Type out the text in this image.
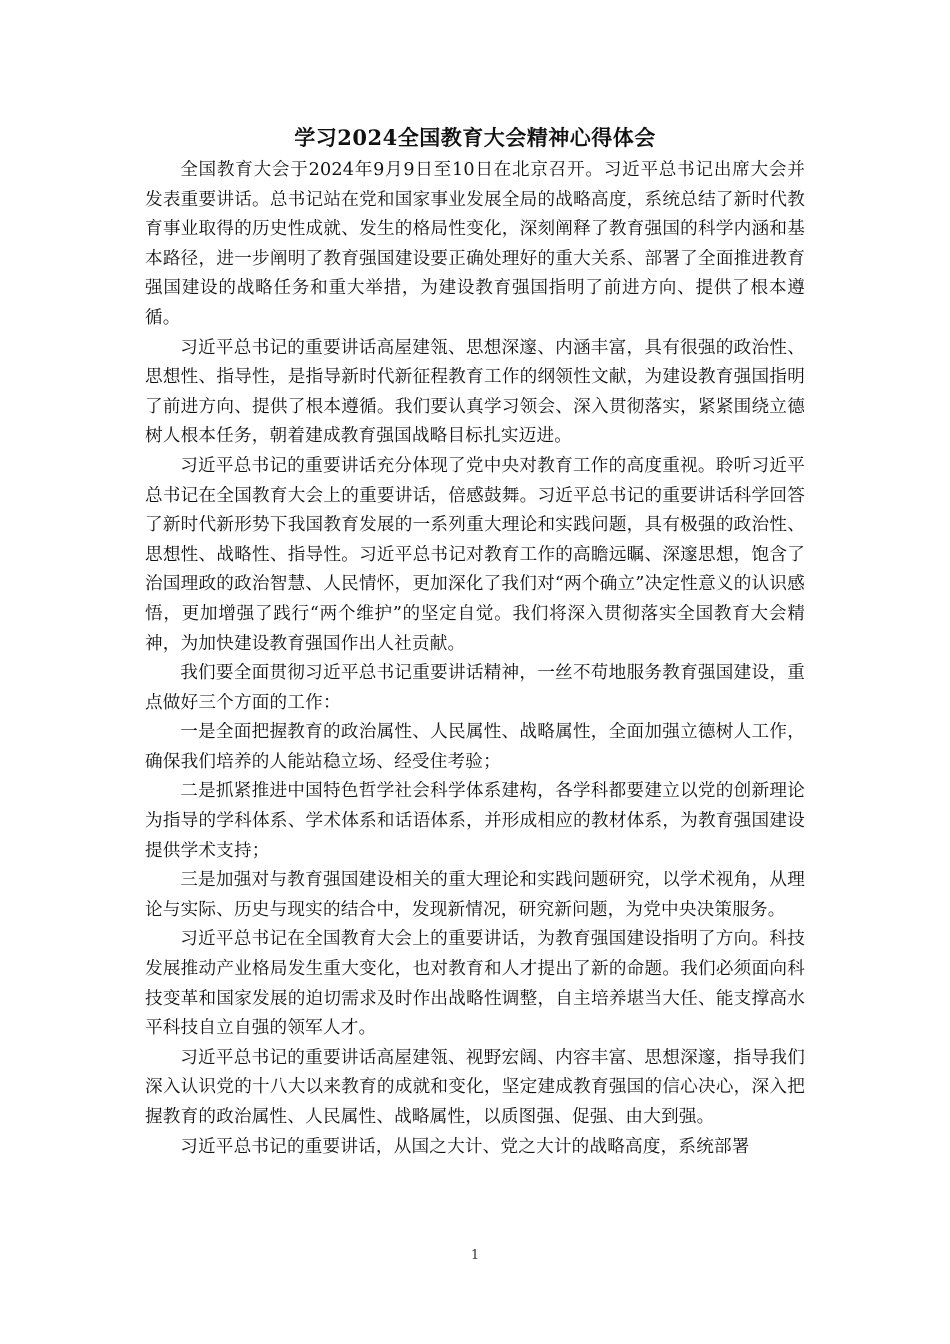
学习2024全国教育大会精神心得体会

全国教育大会于2024年9月9日至10日在北京召开。习近平总书记出席大会并发表重要讲话。总书记站在党和国家事业发展全局的战略高度，系统总结了新时代教育事业取得的历史性成就、发生的格局性变化，深刻阐释了教育强国的科学内涵和基本路径，进一步阐明了教育强国建设要正确处理好的重大关系、部署了全面推进教育强国建设的战略任务和重大举措，为建设教育强国指明了前进方向、提供了根本遵循。

习近平总书记的重要讲话高屋建瓴、思想深邃、内涵丰富，具有很强的政治性、思想性、指导性，是指导新时代新征程教育工作的纲领性文献，为建设教育强国指明了前进方向、提供了根本遵循。我们要认真学习领会、深入贯彻落实，紧紧围绕立德树人根本任务，朝着建成教育强国战略目标扎实迈进。

习近平总书记的重要讲话充分体现了党中央对教育工作的高度重视。聆听习近平总书记在全国教育大会上的重要讲话，倍感鼓舞。习近平总书记的重要讲话科学回答了新时代新形势下我国教育发展的一系列重大理论和实践问题，具有极强的政治性、思想性、战略性、指导性。习近平总书记对教育工作的高瞻远瞩、深邃思想，饱含了治国理政的政治智慧、人民情怀，更加深化了我们对“两个确立”决定性意义的认识感悟，更加增强了践行“两个维护”的坚定自觉。我们将深入贯彻落实全国教育大会精神，为加快建设教育强国作出人社贡献。

我们要全面贯彻习近平总书记重要讲话精神，一丝不苟地服务教育强国建设，重点做好三个方面的工作：

一是全面把握教育的政治属性、人民属性、战略属性，全面加强立德树人工作，确保我们培养的人能站稳立场、经受住考验；

二是抓紧推进中国特色哲学社会科学体系建构，各学科都要建立以党的创新理论为指导的学科体系、学术体系和话语体系，并形成相应的教材体系，为教育强国建设提供学术支持；

三是加强对与教育强国建设相关的重大理论和实践问题研究，以学术视角，从理论与实际、历史与现实的结合中，发现新情况，研究新问题，为党中央决策服务。

习近平总书记在全国教育大会上的重要讲话，为教育强国建设指明了方向。科技发展推动产业格局发生重大变化，也对教育和人才提出了新的命题。我们必须面向科技变革和国家发展的迫切需求及时作出战略性调整，自主培养堪当大任、能支撑高水平科技自立自强的领军人才。

习近平总书记的重要讲话高屋建瓴、视野宏阔、内容丰富、思想深邃，指导我们深入认识党的十八大以来教育的成就和变化，坚定建成教育强国的信心决心，深入把握教育的政治属性、人民属性、战略属性，以质图强、促强、由大到强。

习近平总书记的重要讲话，从国之大计、党之大计的战略高度，系统部署

1
